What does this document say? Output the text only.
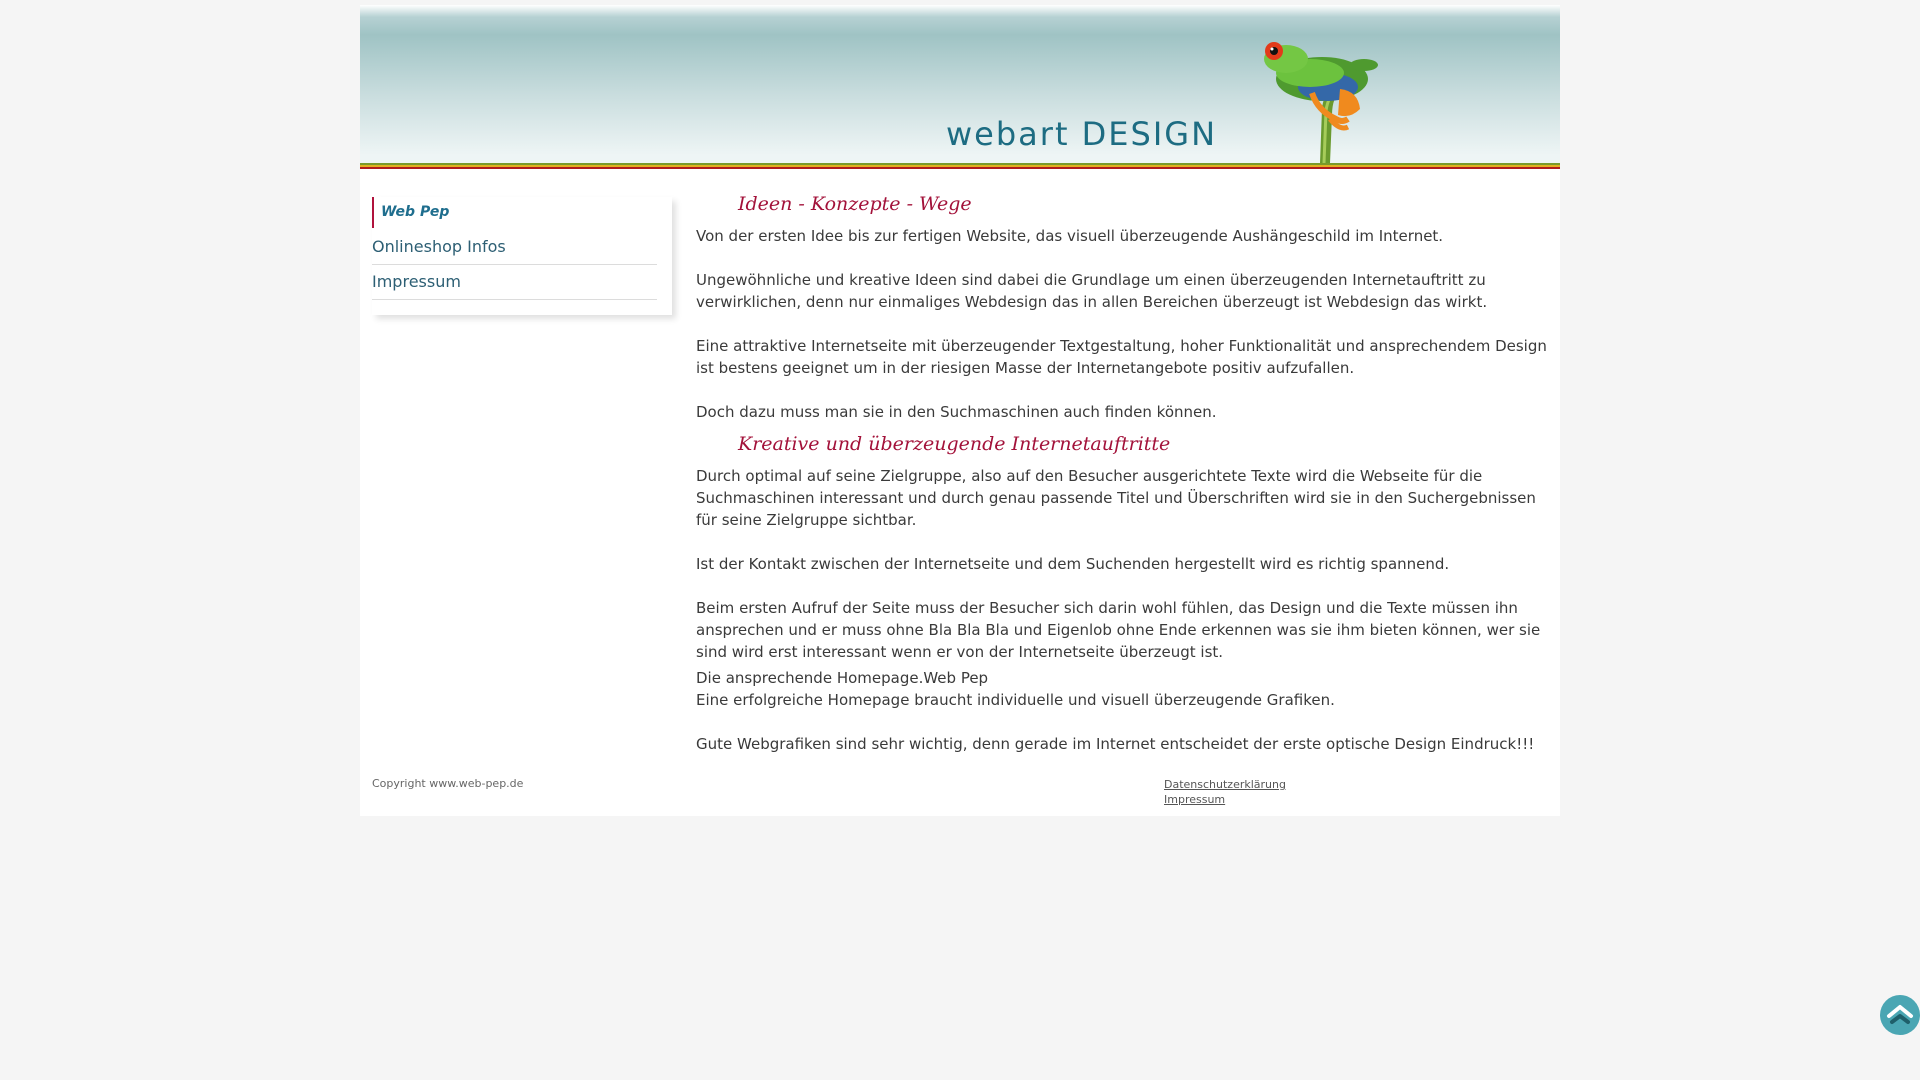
webart DESIGN
Web Pep
Onlineshop Infos
Impressum
Ideen - Konzepte - Wege

Von der ersten Idee bis zur fertigen Website, das visuell überzeugende Aushängeschild im Internet.

Ungewöhnliche und kreative Ideen sind dabei die Grundlage um einen überzeugenden Internetauftritt zu verwirklichen, denn nur einmaliges Webdesign das in allen Bereichen überzeugt ist Webdesign das wirkt.

Eine attraktive Internetseite mit überzeugender Textgestaltung, hoher Funktionalität und ansprechendem Design ist bestens geeignet um in der riesigen Masse der Internetangebote positiv aufzufallen.

Doch dazu muss man sie in den Suchmaschinen auch finden können.

Kreative und überzeugende Internetauftritte

Durch optimal auf seine Zielgruppe, also auf den Besucher ausgerichtete Texte wird die Webseite für die Suchmaschinen interessant und durch genau passende Titel und Überschriften wird sie in den Suchergebnissen für seine Zielgruppe sichtbar.

Ist der Kontakt zwischen der Internetseite und dem Suchenden hergestellt wird es richtig spannend.

Beim ersten Aufruf der Seite muss der Besucher sich darin wohl fühlen, das Design und die Texte müssen ihn ansprechen und er muss ohne Bla Bla Bla und Eigenlob ohne Ende erkennen was sie ihm bieten können, wer sie sind wird erst interessant wenn er von der Internetseite überzeugt ist.

Die ansprechende Homepage.Web Pep

Eine erfolgreiche Homepage braucht individuelle und visuell überzeugende Grafiken.

Gute Webgrafiken sind sehr wichtig, denn gerade im Internet entscheidet der erste optische Design Eindruck!!!

Copyright www.web-pep.de	Datenschutzerklärung
Impressum
